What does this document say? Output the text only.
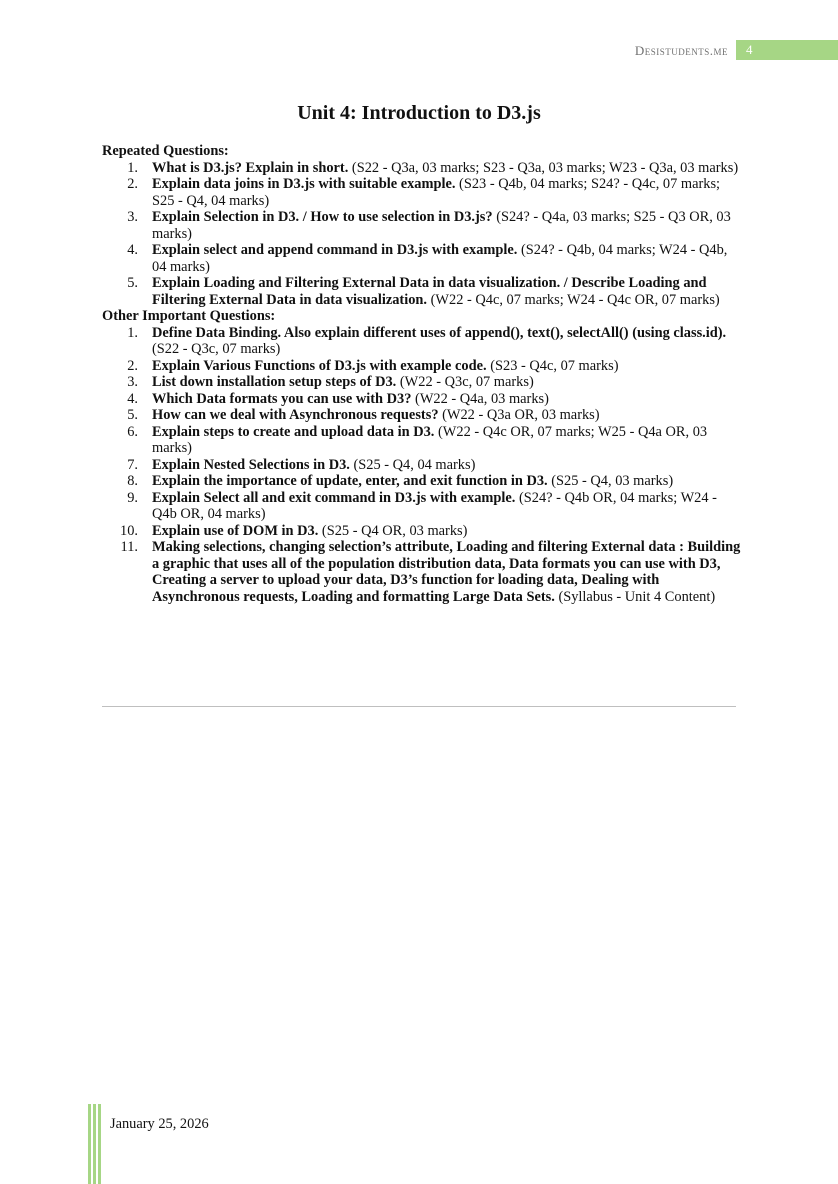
Desistudents.me 4
Unit 4: Introduction to D3.js
Repeated Questions:
1. What is D3.js? Explain in short. (S22 - Q3a, 03 marks; S23 - Q3a, 03 marks; W23 - Q3a, 03 marks)
2. Explain data joins in D3.js with suitable example. (S23 - Q4b, 04 marks; S24? - Q4c, 07 marks; S25 - Q4, 04 marks)
3. Explain Selection in D3. / How to use selection in D3.js? (S24? - Q4a, 03 marks; S25 - Q3 OR, 03 marks)
4. Explain select and append command in D3.js with example. (S24? - Q4b, 04 marks; W24 - Q4b, 04 marks)
5. Explain Loading and Filtering External Data in data visualization. / Describe Loading and Filtering External Data in data visualization. (W22 - Q4c, 07 marks; W24 - Q4c OR, 07 marks)
Other Important Questions:
1. Define Data Binding. Also explain different uses of append(), text(), selectAll() (using class.id). (S22 - Q3c, 07 marks)
2. Explain Various Functions of D3.js with example code. (S23 - Q4c, 07 marks)
3. List down installation setup steps of D3. (W22 - Q3c, 07 marks)
4. Which Data formats you can use with D3? (W22 - Q4a, 03 marks)
5. How can we deal with Asynchronous requests? (W22 - Q3a OR, 03 marks)
6. Explain steps to create and upload data in D3. (W22 - Q4c OR, 07 marks; W25 - Q4a OR, 03 marks)
7. Explain Nested Selections in D3. (S25 - Q4, 04 marks)
8. Explain the importance of update, enter, and exit function in D3. (S25 - Q4, 03 marks)
9. Explain Select all and exit command in D3.js with example. (S24? - Q4b OR, 04 marks; W24 - Q4b OR, 04 marks)
10. Explain use of DOM in D3. (S25 - Q4 OR, 03 marks)
11. Making selections, changing selection’s attribute, Loading and filtering External data : Building a graphic that uses all of the population distribution data, Data formats you can use with D3, Creating a server to upload your data, D3’s function for loading data, Dealing with Asynchronous requests, Loading and formatting Large Data Sets. (Syllabus - Unit 4 Content)
January 25, 2026
